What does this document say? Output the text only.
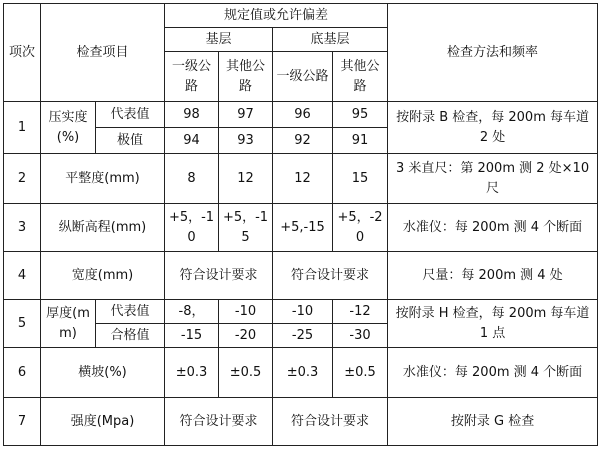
项次	检查项目		规定值或允许偏差				检查方法和频率
			基层		底基层		
			一级公路	其他公路	一级公路	其他公路	
1	压实度(%)	代表值	98	97	96	95	按附录 B 检查，每 200m 每车道 2 处
		极值	94	93	92	91	
2	平整度(mm)		8	12	12	15	3 米直尺：第 200m 测 2 处×10 尺
3	纵断高程(mm)		+5，-10	+5，-15	+5,-15	+5，-20	水准仪：每 200m 测 4 个断面
4	宽度(mm)		符合设计要求		符合设计要求		尺量：每 200m 测 4 处
5	厚度(mm)	代表值	-8，	-10	-10	-12	按附录 H 检查，每 200m 每车道 1 点
		合格值	-15	-20	-25	-30	
6	横坡(%)		±0.3	±0.5	±0.3	±0.5	水准仪：每 200m 测 4 个断面
7	强度(Mpa)		符合设计要求		符合设计要求		按附录 G 检查
